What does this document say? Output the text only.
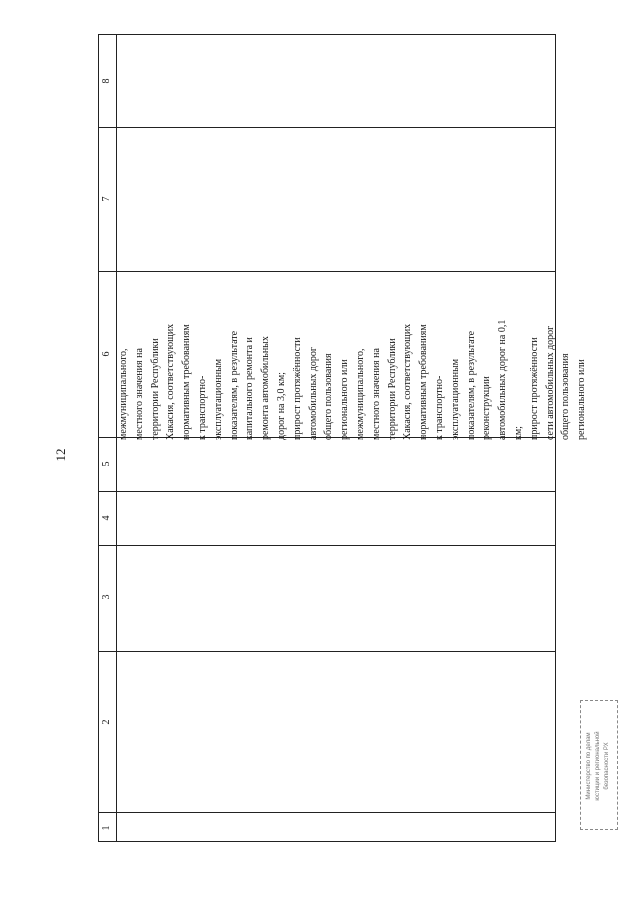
12
1
2
3
4
5
6
7
8
межмуниципального, местного значения на территории Республики Хакасия, соответствующих нормативным требованиям к транспортно- эксплуатационным показателям, в результате капитального ремонта и ремонта автомобильных дорог на 3,0 км; прирост протяжённости автомобильных дорог общего пользования регионального или межмуниципального, местного значения на территории Республики Хакасия, соответствующих нормативным требованиям к транспортно- эксплуатационным показателям, в результате реконструкции автомобильных дорог на 0,1 км; прирост протяжённости сети автомобильных дорог общего пользования регионального или
Министерство по делам юстиции и региональной безопасности РХ
